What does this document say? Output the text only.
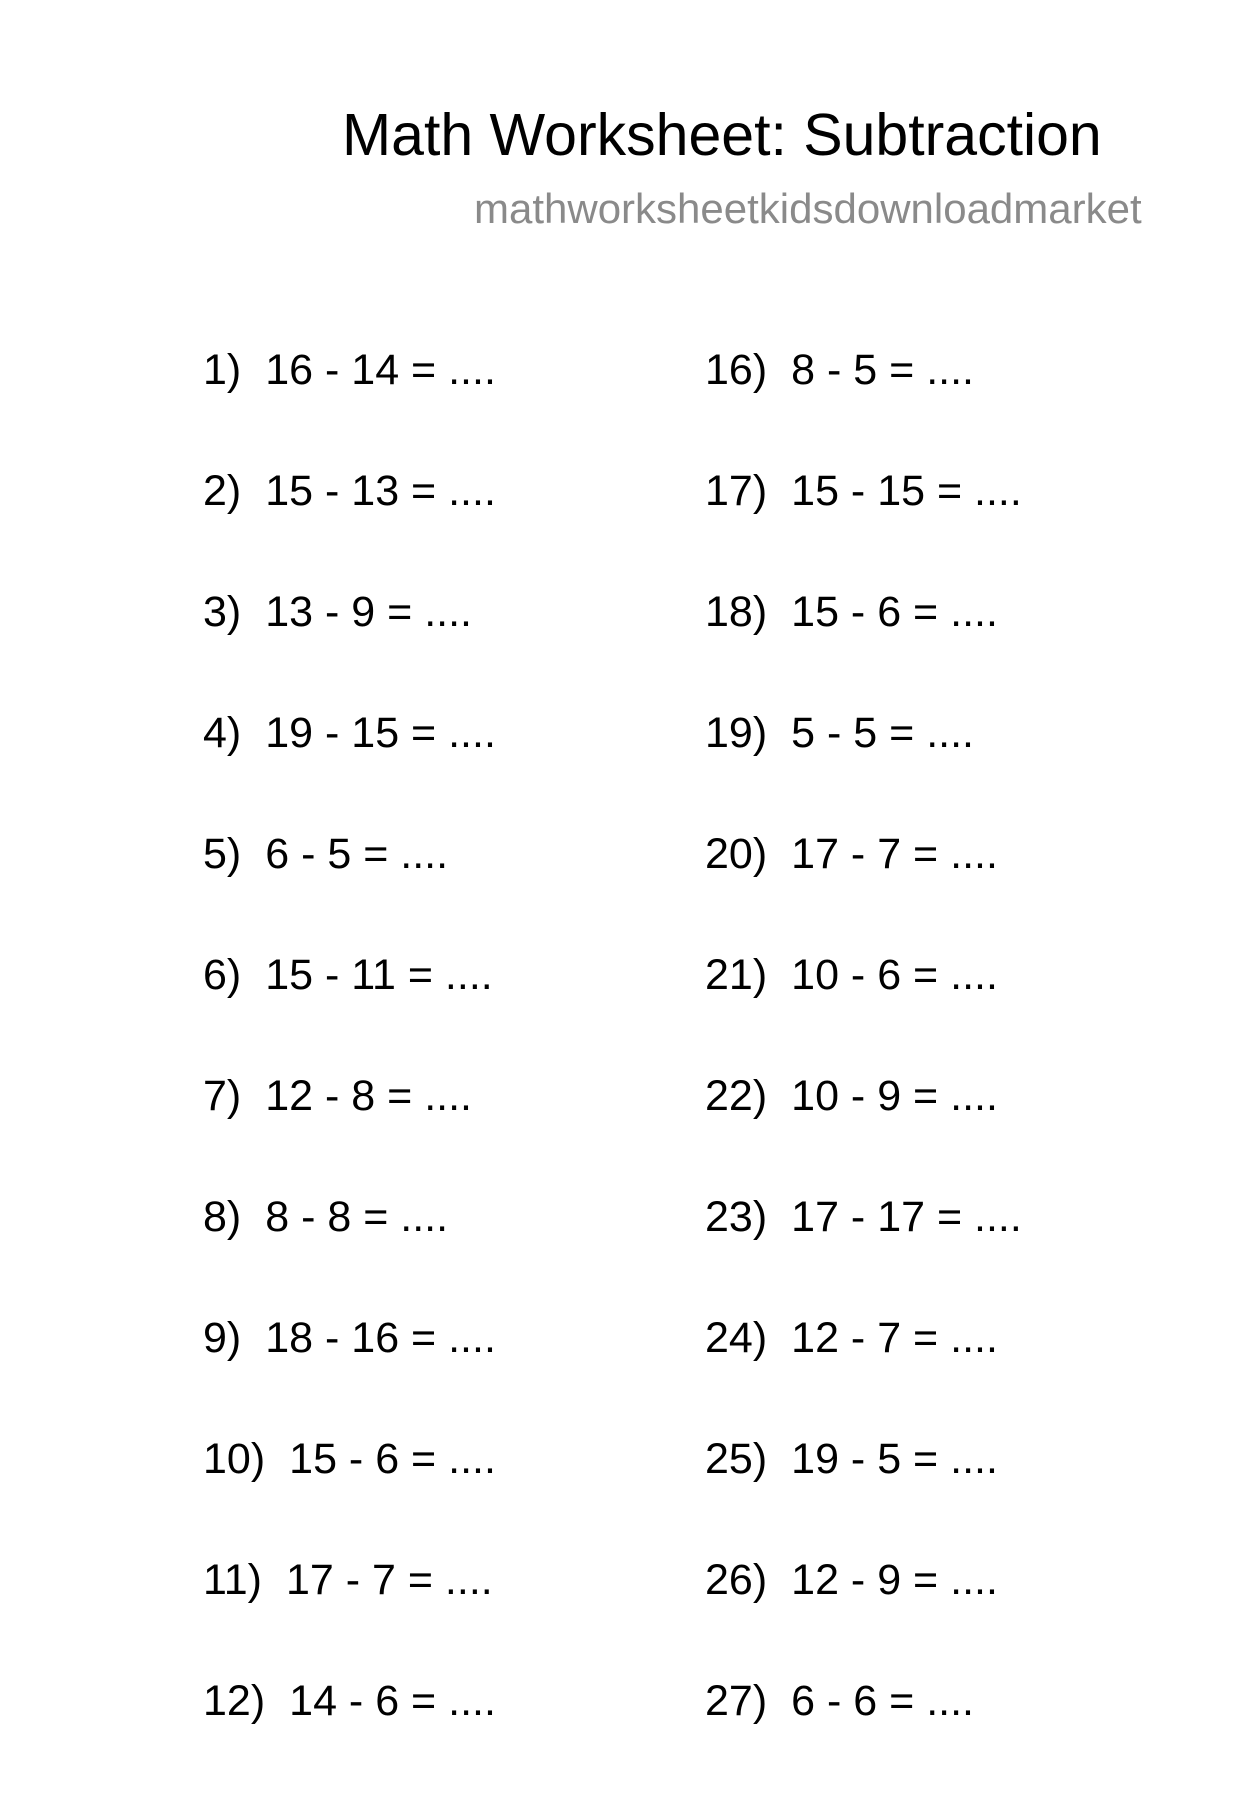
Math Worksheet: Subtraction
mathworksheetkidsdownloadmarket
1) 16 - 14 = ....
2) 15 - 13 = ....
3) 13 - 9 = ....
4) 19 - 15 = ....
5) 6 - 5 = ....
6) 15 - 11 = ....
7) 12 - 8 = ....
8) 8 - 8 = ....
9) 18 - 16 = ....
10) 15 - 6 = ....
11) 17 - 7 = ....
12) 14 - 6 = ....
16) 8 - 5 = ....
17) 15 - 15 = ....
18) 15 - 6 = ....
19) 5 - 5 = ....
20) 17 - 7 = ....
21) 10 - 6 = ....
22) 10 - 9 = ....
23) 17 - 17 = ....
24) 12 - 7 = ....
25) 19 - 5 = ....
26) 12 - 9 = ....
27) 6 - 6 = ....
